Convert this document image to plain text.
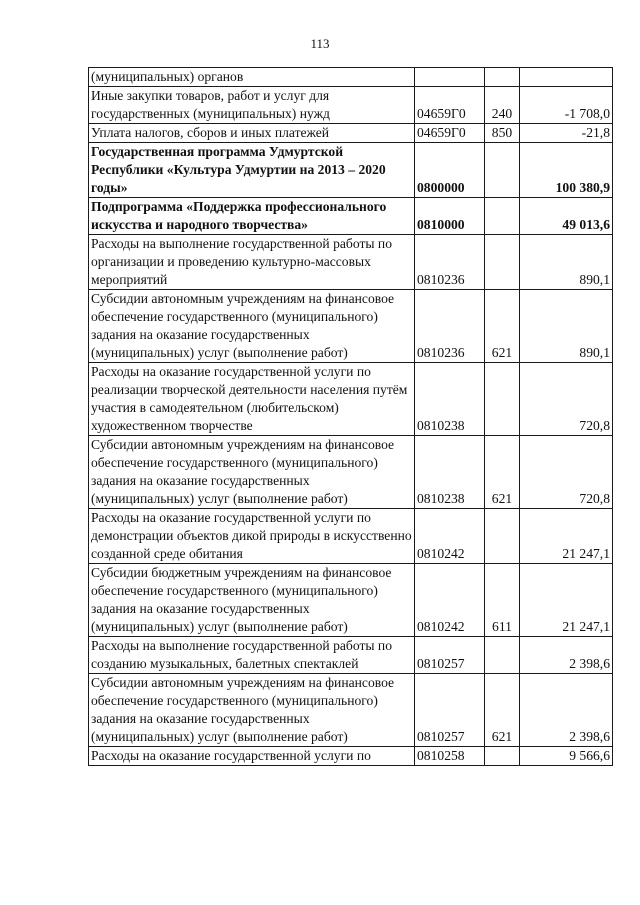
113
(муниципальных) органов			
Иные закупки товаров, работ и услуг для государственных (муниципальных) нужд	04659Г0	240	-1 708,0
Уплата налогов, сборов и иных платежей	04659Г0	850	-21,8
Государственная программа Удмуртской Республики «Культура Удмуртии на 2013 – 2020 годы»	0800000		100 380,9
Подпрограмма «Поддержка профессионального искусства и народного творчества»	0810000		49 013,6
Расходы на выполнение государственной работы по организации и проведению культурно-массовых мероприятий	0810236		890,1
Субсидии автономным учреждениям на финансовое обеспечение государственного (муниципального) задания на оказание государственных (муниципальных) услуг (выполнение работ)	0810236	621	890,1
Расходы на оказание государственной услуги по реализации творческой деятельности населения путём участия в самодеятельном (любительском) художественном творчестве	0810238		720,8
Субсидии автономным учреждениям на финансовое обеспечение государственного (муниципального) задания на оказание государственных (муниципальных) услуг (выполнение работ)	0810238	621	720,8
Расходы на оказание государственной услуги по демонстрации объектов дикой природы в искусственно созданной среде обитания	0810242		21 247,1
Субсидии бюджетным учреждениям на финансовое обеспечение государственного (муниципального) задания на оказание государственных (муниципальных) услуг (выполнение работ)	0810242	611	21 247,1
Расходы на выполнение государственной работы по созданию музыкальных, балетных спектаклей	0810257		2 398,6
Субсидии автономным учреждениям на финансовое обеспечение государственного (муниципального) задания на оказание государственных (муниципальных) услуг (выполнение работ)	0810257	621	2 398,6
Расходы на оказание государственной услуги по	0810258		9 566,6
